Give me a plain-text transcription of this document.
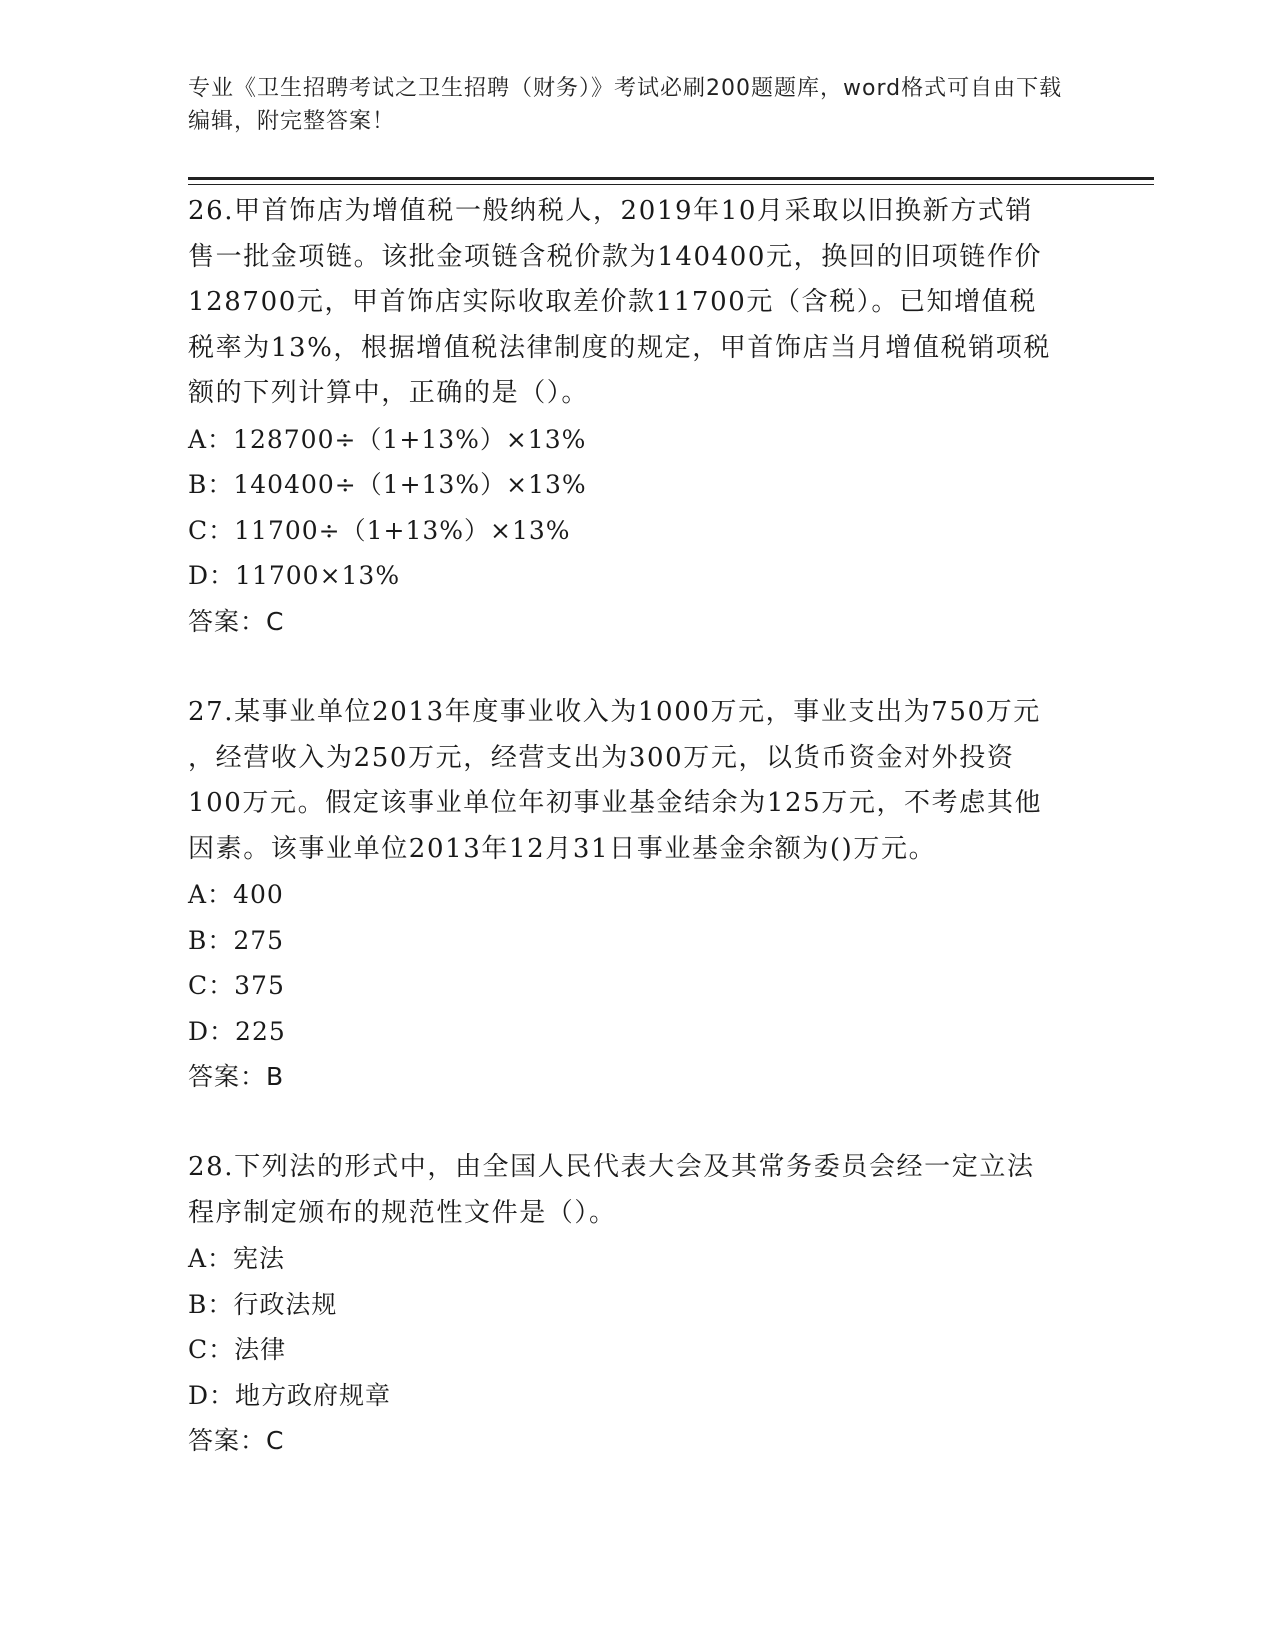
专业《卫生招聘考试之卫生招聘（财务）》考试必刷200题题库，word格式可自由下载编辑，附完整答案！

26.甲首饰店为增值税一般纳税人，2019年10月采取以旧换新方式销
售一批金项链。该批金项链含税价款为140400元，换回的旧项链作价
128700元，甲首饰店实际收取差价款11700元（含税）。已知增值税
税率为13%，根据增值税法律制度的规定，甲首饰店当月增值税销项税
额的下列计算中，正确的是（）。

A：128700÷（1+13%）×13%

B：140400÷（1+13%）×13%

C：11700÷（1+13%）×13%

D：11700×13%

答案：C

27.某事业单位2013年度事业收入为1000万元，事业支出为750万元
，经营收入为250万元，经营支出为300万元，以货币资金对外投资
100万元。假定该事业单位年初事业基金结余为125万元，不考虑其他
因素。该事业单位2013年12月31日事业基金余额为()万元。

A：400

B：275

C：375

D：225

答案：B

28.下列法的形式中，由全国人民代表大会及其常务委员会经一定立法
程序制定颁布的规范性文件是（）。

A：宪法

B：行政法规

C：法律

D：地方政府规章

答案：C
